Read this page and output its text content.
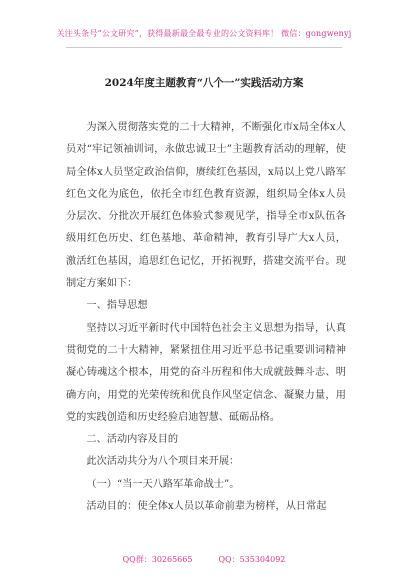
关注头条号“公文研究”，获得最新最全最专业的公文资料库！ 微信：gongwenyj
2024年度主题教育“八个一”实践活动方案

为深入贯彻落实党的二十大精神，不断强化市x局全体x人员对“牢记领袖训词，永做忠诚卫士”主题教育活动的理解，使局全体x人员坚定政治信仰，赓续红色基因，x局以上党八路军红色文化为底色，依托全市红色教育资源，组织局全体x人员分层次、分批次开展红色体验式参观见学，指导全市x队伍各级用红色历史、红色基地、革命精神，教育引导广大x人员，激活红色基因，追思红色记忆，开拓视野，搭建交流平台。现制定方案如下：

一、指导思想

坚持以习近平新时代中国特色社会主义思想为指导，认真贯彻党的二十大精神，紧紧扭住用习近平总书记重要训词精神凝心铸魂这个根本，用党的奋斗历程和伟大成就鼓舞斗志、明确方向，用党的光荣传统和优良作风坚定信念、凝聚力量，用党的实践创造和历史经验启迪智慧、砥砺品格。

二、活动内容及目的

此次活动共分为八个项目来开展：

（一）“当一天八路军革命战士”。

活动目的：使全体x人员以革命前辈为榜样，从日常起

QQ群：30265665	QQ：535304092
